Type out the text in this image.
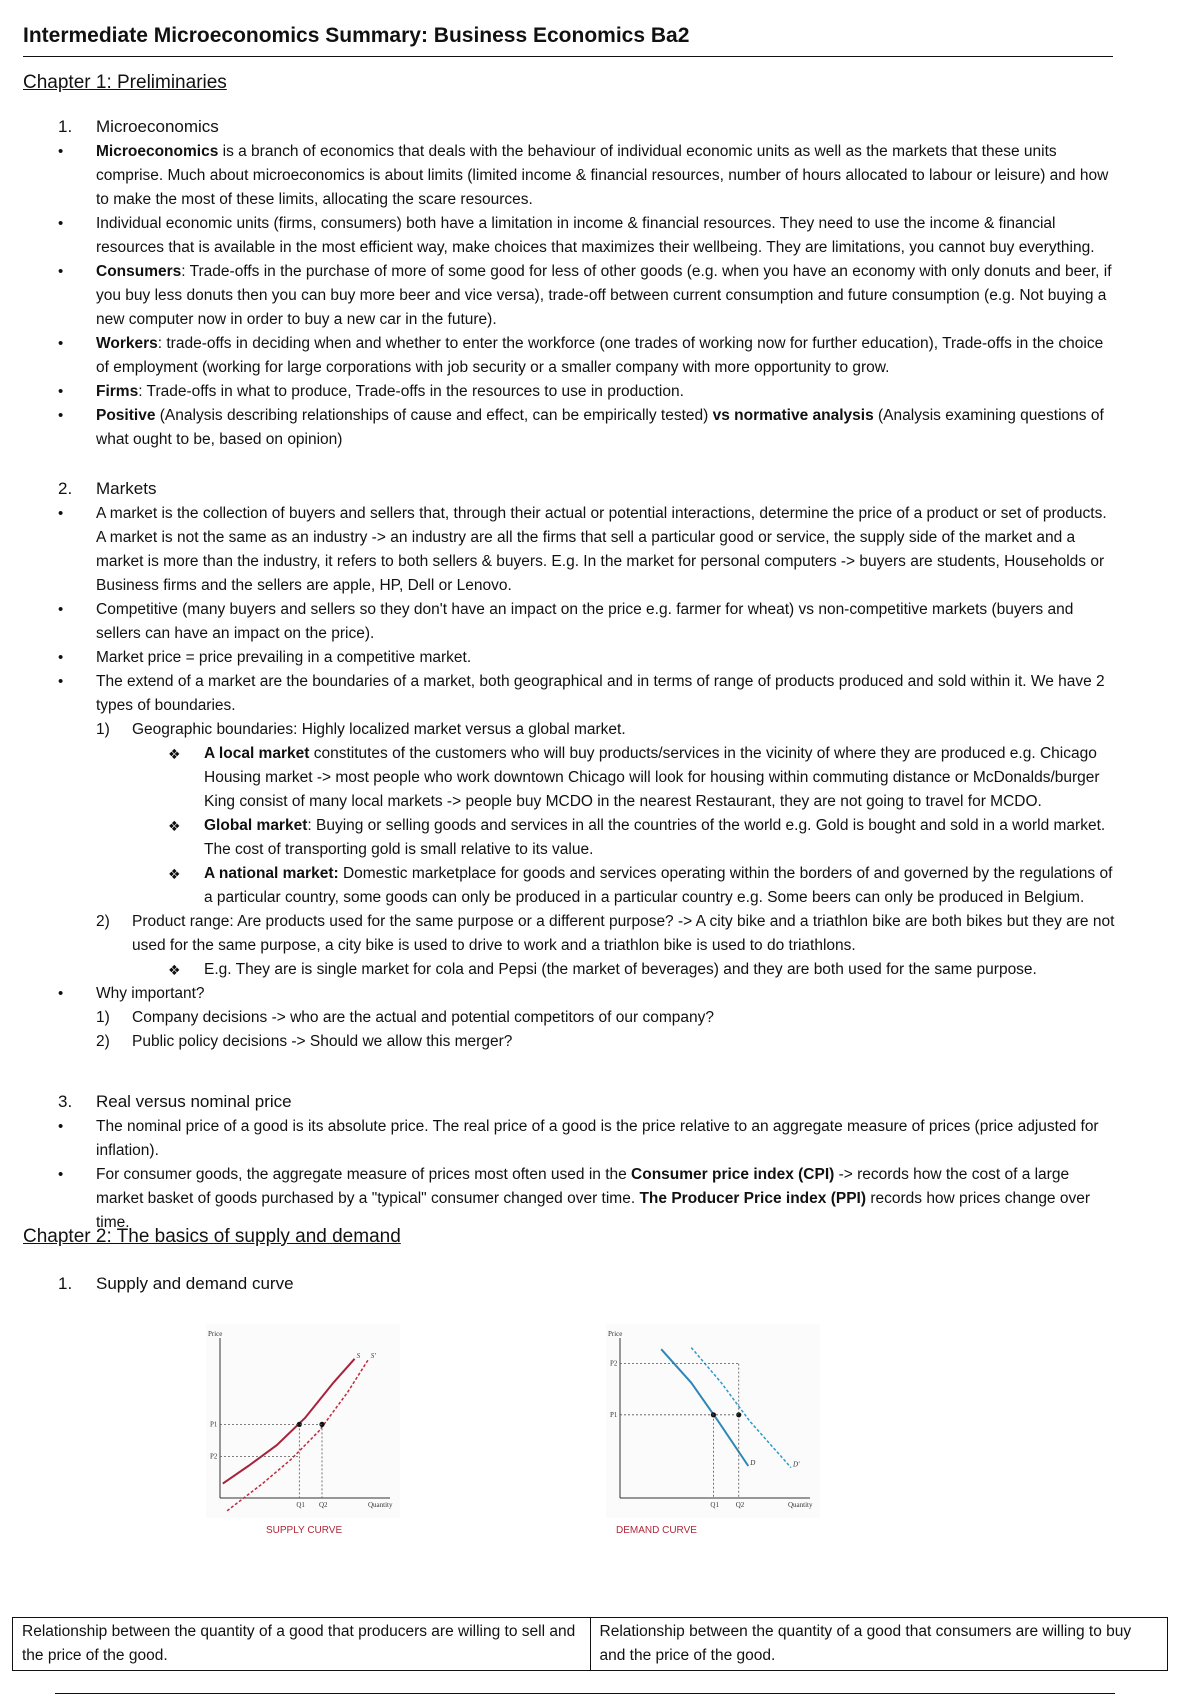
Intermediate Microeconomics Summary: Business Economics Ba2
Chapter 1: Preliminaries
1. Microeconomics

• Microeconomics is a branch of economics that deals with the behaviour of individual economic units as well as the markets that these units comprise. Much about microeconomics is about limits (limited income & financial resources, number of hours allocated to labour or leisure) and how to make the most of these limits, allocating the scare resources.

• Individual economic units (firms, consumers) both have a limitation in income & financial resources. They need to use the income & financial resources that is available in the most efficient way, make choices that maximizes their wellbeing. They are limitations, you cannot buy everything.

• Consumers: Trade-offs in the purchase of more of some good for less of other goods (e.g. when you have an economy with only donuts and beer, if you buy less donuts then you can buy more beer and vice versa), trade-off between current consumption and future consumption (e.g. Not buying a new computer now in order to buy a new car in the future).

• Workers: trade-offs in deciding when and whether to enter the workforce (one trades of working now for further education), Trade-offs in the choice of employment (working for large corporations with job security or a smaller company with more opportunity to grow.

• Firms: Trade-offs in what to produce, Trade-offs in the resources to use in production.

• Positive (Analysis describing relationships of cause and effect, can be empirically tested) vs normative analysis (Analysis examining questions of what ought to be, based on opinion)

2. Markets

• A market is the collection of buyers and sellers that, through their actual or potential interactions, determine the price of a product or set of products. A market is not the same as an industry -> an industry are all the firms that sell a particular good or service, the supply side of the market and a market is more than the industry, it refers to both sellers & buyers. E.g. In the market for personal computers -> buyers are students, Households or Business firms and the sellers are apple, HP, Dell or Lenovo.

• Competitive (many buyers and sellers so they don't have an impact on the price e.g. farmer for wheat) vs non-competitive markets (buyers and sellers can have an impact on the price).

• Market price = price prevailing in a competitive market.

• The extend of a market are the boundaries of a market, both geographical and in terms of range of products produced and sold within it. We have 2 types of boundaries.

1) Geographic boundaries: Highly localized market versus a global market.

❖ A local market constitutes of the customers who will buy products/services in the vicinity of where they are produced e.g. Chicago Housing market -> most people who work downtown Chicago will look for housing within commuting distance or McDonalds/burger King consist of many local markets -> people buy MCDO in the nearest Restaurant, they are not going to travel for MCDO.

❖ Global market: Buying or selling goods and services in all the countries of the world e.g. Gold is bought and sold in a world market. The cost of transporting gold is small relative to its value.

❖ A national market: Domestic marketplace for goods and services operating within the borders of and governed by the regulations of a particular country, some goods can only be produced in a particular country e.g. Some beers can only be produced in Belgium.

2) Product range: Are products used for the same purpose or a different purpose? -> A city bike and a triathlon bike are both bikes but they are not used for the same purpose, a city bike is used to drive to work and a triathlon bike is used to do triathlons.

❖ E.g. They are is single market for cola and Pepsi (the market of beverages) and they are both used for the same purpose.

• Why important?

1) Company decisions -> who are the actual and potential competitors of our company?

2) Public policy decisions -> Should we allow this merger?

3. Real versus nominal price

• The nominal price of a good is its absolute price. The real price of a good is the price relative to an aggregate measure of prices (price adjusted for inflation).

• For consumer goods, the aggregate measure of prices most often used in the Consumer price index (CPI) -> records how the cost of a large market basket of goods purchased by a "typical" consumer changed over time. The Producer Price index (PPI) records how prices change over time.

Chapter 2: The basics of supply and demand
1. Supply and demand curve
Price
Quantity
S S'
Q1 Q2
P1
P2
SUPPLY CURVE
Price
Quantity
D	D'
Q1 Q2
P2
P1
DEMAND CURVE
Relationship between the quantity of a good that producers are willing to sell and the price of the good.	Relationship between the quantity of a good that consumers are willing to buy and the price of the good.
